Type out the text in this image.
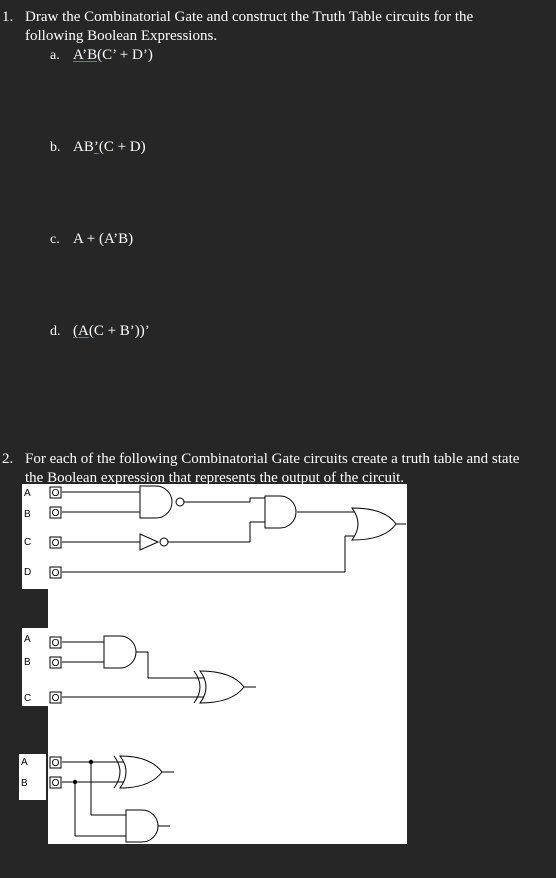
1. Draw the Combinatorial Gate and construct the Truth Table circuits for the
following Boolean Expressions.
a. A’B(C’ + D’)
b. AB’(C + D)
c. A + (A’B)
d. (A(C + B’))’
2. For each of the following Combinatorial Gate circuits create a truth table and state
O
O
O
O
O
O
O
O
O
A
B
C
D
A
B
C
A
B
the Boolean expression that represents the output of the circuit.
